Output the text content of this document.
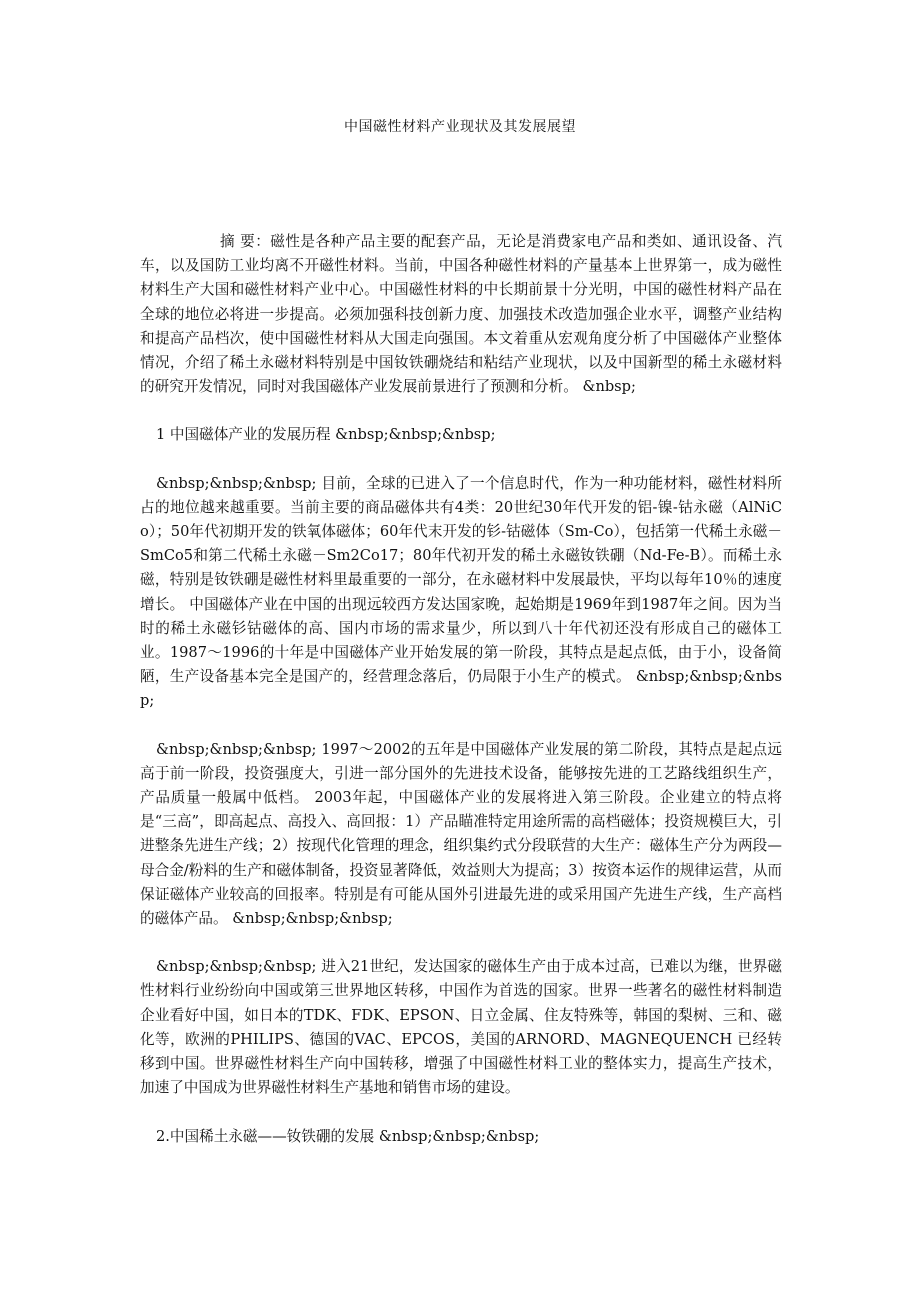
中国磁性材料产业现状及其发展展望

摘 要：磁性是各种产品主要的配套产品，无论是消费家电产品和类如、通讯设备、汽车，以及国防工业均离不开磁性材料。当前，中国各种磁性材料的产量基本上世界第一，成为磁性材料生产大国和磁性材料产业中心。中国磁性材料的中长期前景十分光明，中国的磁性材料产品在全球的地位必将进一步提高。必须加强科技创新力度、加强技术改造加强企业水平，调整产业结构和提高产品档次，使中国磁性材料从大国走向强国。本文着重从宏观角度分析了中国磁体产业整体情况，介绍了稀土永磁材料特别是中国钕铁硼烧结和粘结产业现状，以及中国新型的稀土永磁材料的研究开发情况，同时对我国磁体产业发展前景进行了预测和分析。 &nbsp;

1 中国磁体产业的发展历程 &nbsp;&nbsp;&nbsp;

&nbsp;&nbsp;&nbsp; 目前，全球的已进入了一个信息时代，作为一种功能材料，磁性材料所占的地位越来越重要。当前主要的商品磁体共有4类：20世纪30年代开发的铝-镍-钴永磁（AlNiCo）；50年代初期开发的铁氧体磁体；60年代末开发的钐-钴磁体（Sm-Co），包括第一代稀土永磁－SmCo5和第二代稀土永磁－Sm2Co17；80年代初开发的稀土永磁钕铁硼（Nd-Fe-B）。而稀土永磁，特别是钕铁硼是磁性材料里最重要的一部分，在永磁材料中发展最快，平均以每年10％的速度增长。 中国磁体产业在中国的出现远较西方发达国家晚，起始期是1969年到1987年之间。因为当时的稀土永磁钐钴磁体的高、国内市场的需求量少，所以到八十年代初还没有形成自己的磁体工业。1987～1996的十年是中国磁体产业开始发展的第一阶段，其特点是起点低，由于小，设备简陋，生产设备基本完全是国产的，经营理念落后，仍局限于小生产的模式。 &nbsp;&nbsp;&nbsp;

&nbsp;&nbsp;&nbsp; 1997～2002的五年是中国磁体产业发展的第二阶段，其特点是起点远高于前一阶段，投资强度大，引进一部分国外的先进技术设备，能够按先进的工艺路线组织生产，产品质量一般属中低档。 2003年起，中国磁体产业的发展将进入第三阶段。企业建立的特点将是“三高”，即高起点、高投入、高回报：1）产品瞄准特定用途所需的高档磁体；投资规模巨大，引进整条先进生产线；2）按现代化管理的理念，组织集约式分段联营的大生产：磁体生产分为两段—母合金/粉料的生产和磁体制备，投资显著降低，效益则大为提高；3）按资本运作的规律运营，从而保证磁体产业较高的回报率。特别是有可能从国外引进最先进的或采用国产先进生产线，生产高档的磁体产品。 &nbsp;&nbsp;&nbsp;

&nbsp;&nbsp;&nbsp; 进入21世纪，发达国家的磁体生产由于成本过高，已难以为继，世界磁性材料行业纷纷向中国或第三世界地区转移，中国作为首选的国家。世界一些著名的磁性材料制造企业看好中国，如日本的TDK、FDK、EPSON、日立金属、住友特殊等，韩国的梨树、三和、磁化等，欧洲的PHILIPS、德国的VAC、EPCOS，美国的ARNORD、MAGNEQUENCH 已经转移到中国。世界磁性材料生产向中国转移，增强了中国磁性材料工业的整体实力，提高生产技术，加速了中国成为世界磁性材料生产基地和销售市场的建设。

2.中国稀土永磁——钕铁硼的发展 &nbsp;&nbsp;&nbsp;
